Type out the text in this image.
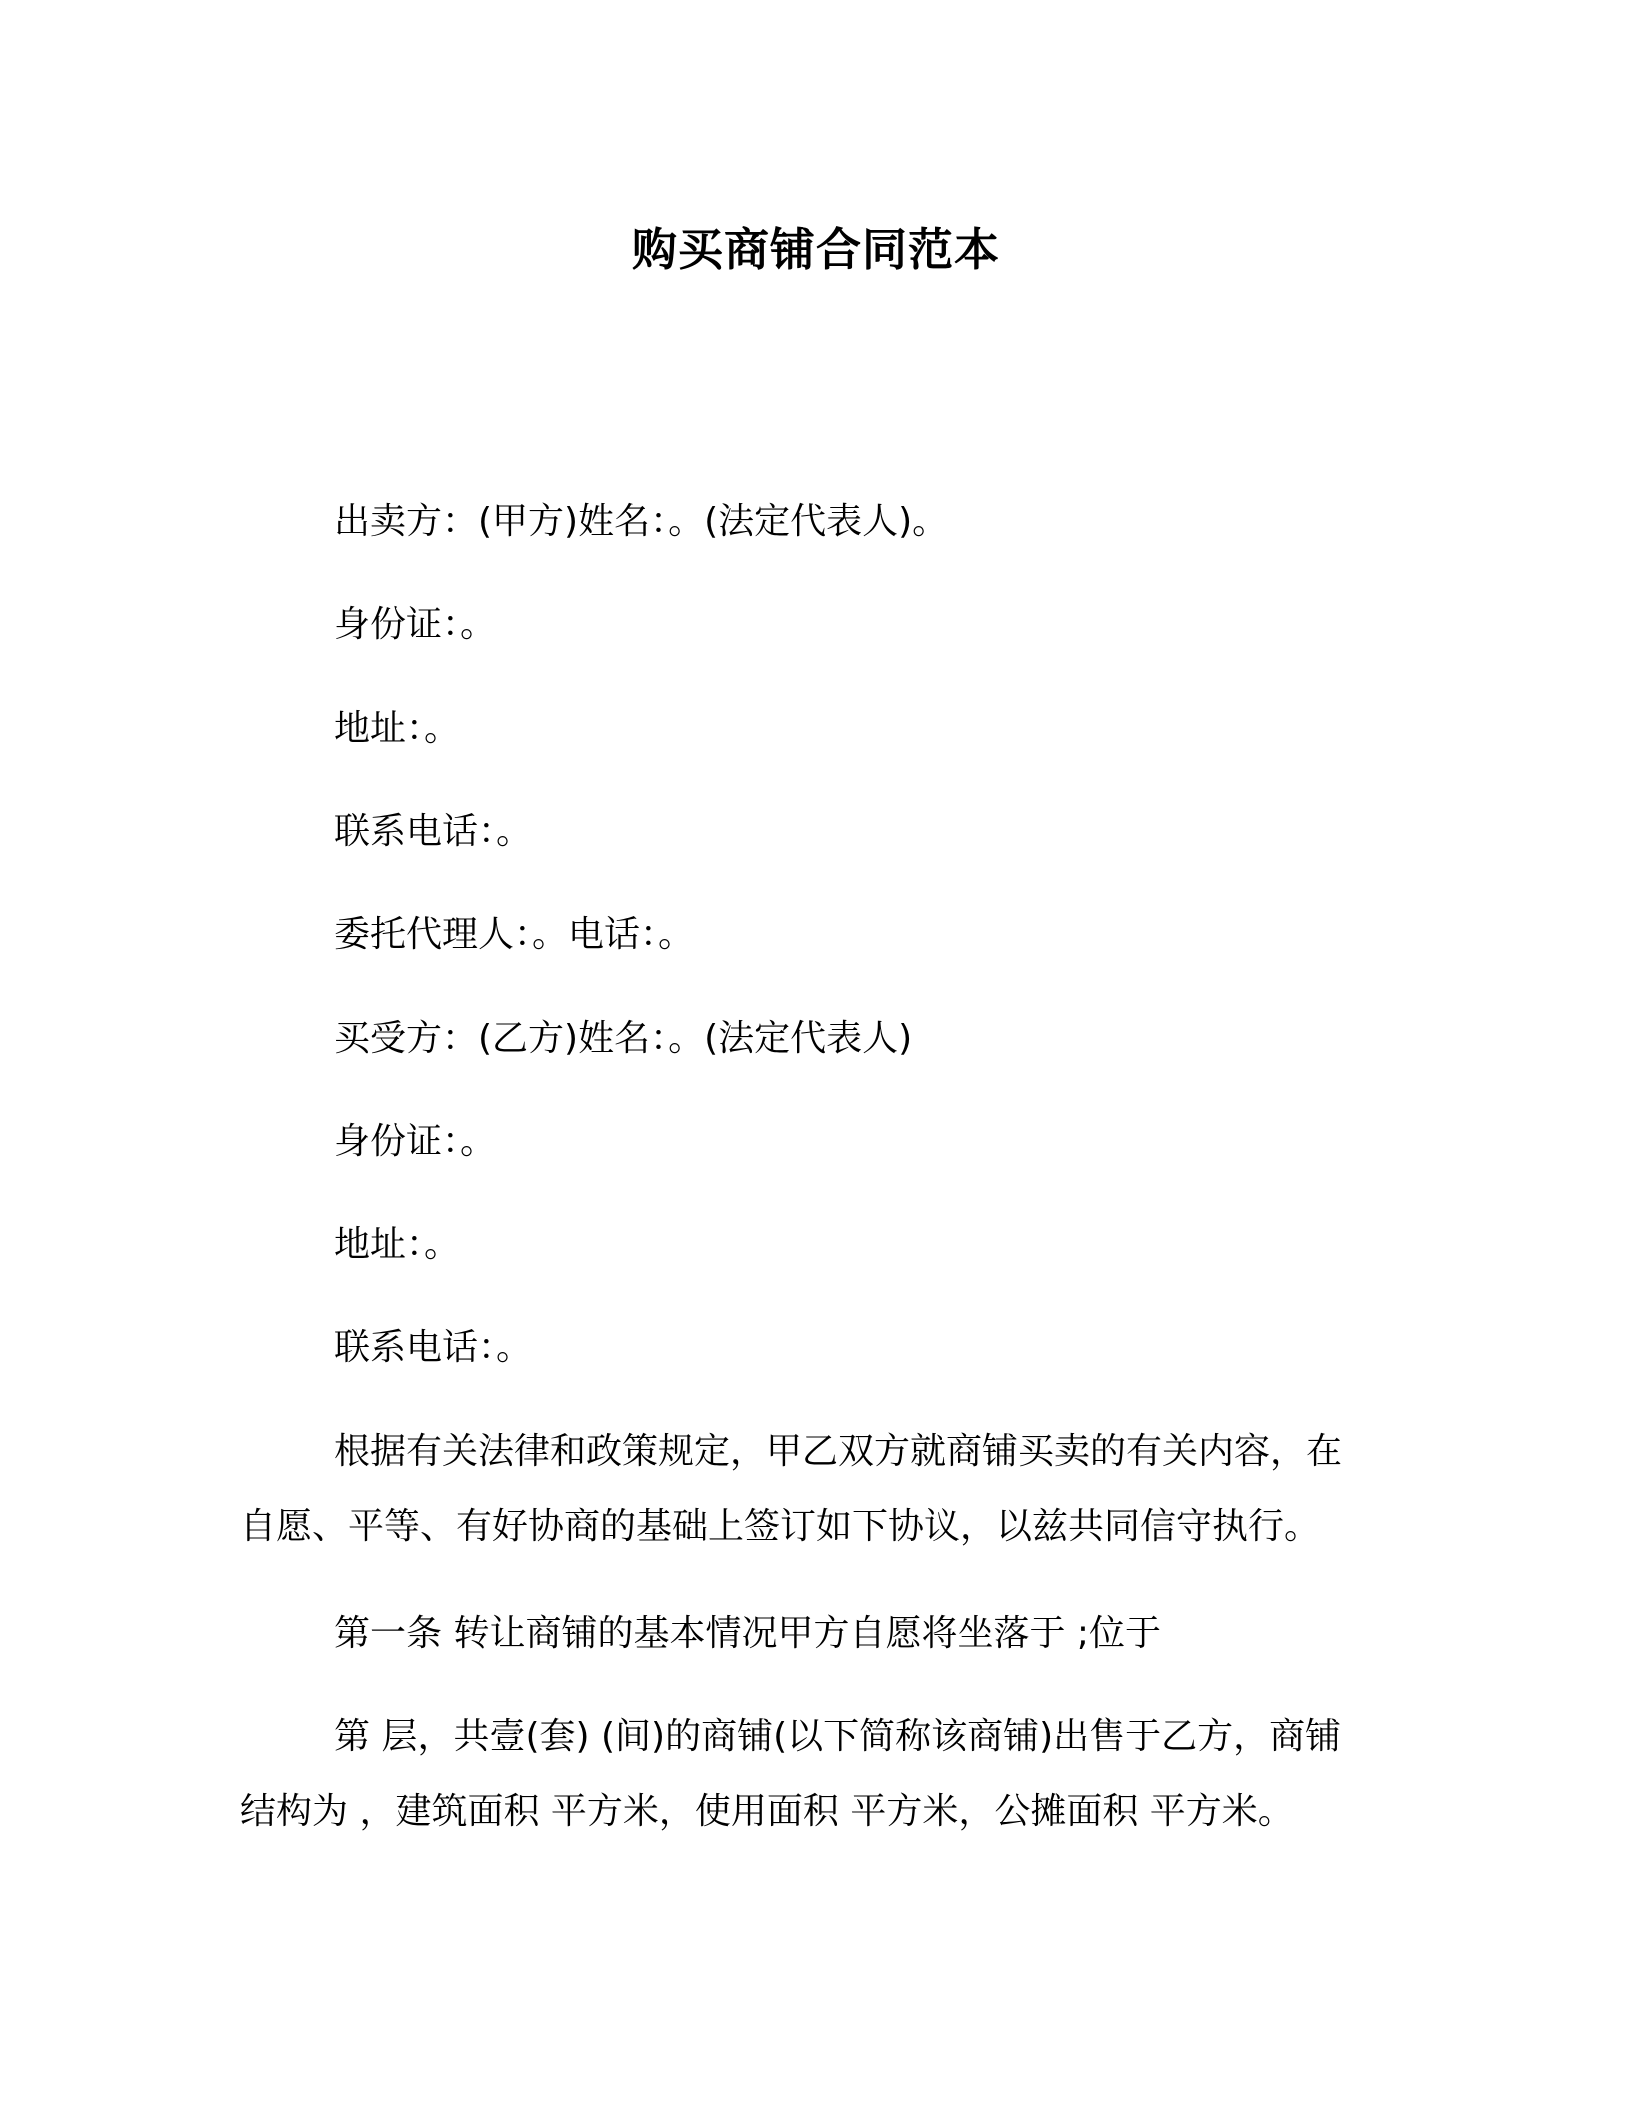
购买商铺合同范本
出卖方：(甲方)姓名：。(法定代表人)。
身份证：。
地址：。
联系电话：。
委托代理人：。电话：。
买受方：(乙方)姓名：。(法定代表人)
身份证：。
地址：。
联系电话：。
根据有关法律和政策规定，甲乙双方就商铺买卖的有关内容，在
自愿、平等、有好协商的基础上签订如下协议，以兹共同信守执行。
第一条 转让商铺的基本情况甲方自愿将坐落于 ;位于
第 层，共壹(套) (间)的商铺(以下简称该商铺)出售于乙方，商铺
结构为 ，建筑面积 平方米，使用面积 平方米，公摊面积 平方米。
